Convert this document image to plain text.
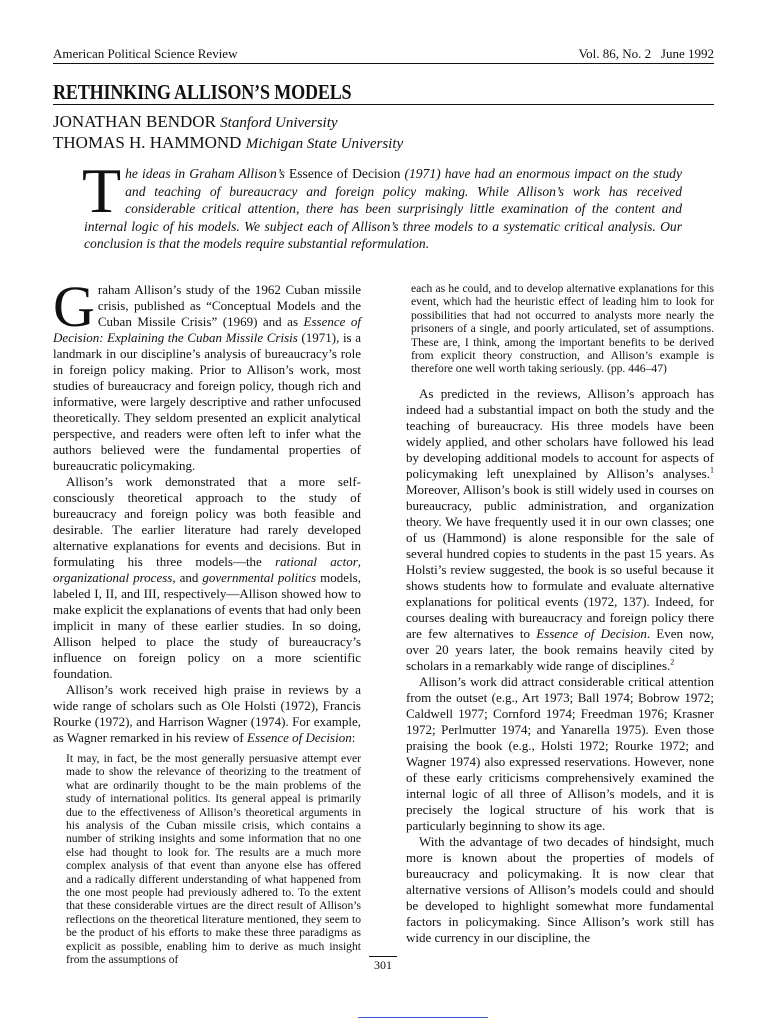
American Political Science Review	Vol. 86, No. 2 June 1992
RETHINKING ALLISON’S MODELS
JONATHAN BENDOR Stanford University
THOMAS H. HAMMOND Michigan State University
The ideas in Graham Allison’s Essence of Decision (1971) have had an enormous impact on the study and teaching of bureaucracy and foreign policy making. While Allison’s work has received considerable critical attention, there has been surprisingly little examination of the content and internal logic of his models. We subject each of Allison’s three models to a systematic critical analysis. Our conclusion is that the models require substantial reformulation.

Graham Allison’s study of the 1962 Cuban missile crisis, published as “Conceptual Models and the Cuban Missile Crisis” (1969) and as Essence of Decision: Explaining the Cuban Missile Crisis (1971), is a landmark in our discipline’s analysis of bureaucracy’s role in foreign policy making. Prior to Allison’s work, most studies of bureaucracy and foreign policy, though rich and informative, were largely descriptive and rather unfocused theoretically. They seldom presented an explicit analytical perspective, and readers were often left to infer what the authors believed were the fundamental properties of bureaucratic policymaking.

Allison’s work demonstrated that a more self-consciously theoretical approach to the study of bureaucracy and foreign policy was both feasible and desirable. The earlier literature had rarely developed alternative explanations for events and decisions. But in formulating his three models—the rational actor, organizational process, and governmental politics models, labeled I, II, and III, respectively—Allison showed how to make explicit the explanations of events that had only been implicit in many of these earlier studies. In so doing, Allison helped to place the study of bureaucracy’s influence on foreign policy on a more scientific foundation.

Allison’s work received high praise in reviews by a wide range of scholars such as Ole Holsti (1972), Francis Rourke (1972), and Harrison Wagner (1974). For example, as Wagner remarked in his review of Essence of Decision:

It may, in fact, be the most generally persuasive attempt ever made to show the relevance of theorizing to the treatment of what are ordinarily thought to be the main problems of the study of international politics. Its general appeal is primarily due to the effectiveness of Allison’s theoretical arguments in his analysis of the Cuban missile crisis, which contains a number of striking insights and some information that no one else had thought to look for. The results are a much more complex analysis of that event than anyone else has offered and a radically different understanding of what happened from the one most people had previously adhered to. To the extent that these considerable virtues are the direct result of Allison’s reflections on the theoretical literature mentioned, they seem to be the product of his efforts to make these three paradigms as explicit as possible, enabling him to derive as much insight from the assumptions of

each as he could, and to develop alternative explanations for this event, which had the heuristic effect of leading him to look for possibilities that had not occurred to analysts more nearly the prisoners of a single, and poorly articulated, set of assumptions. These are, I think, among the important benefits to be derived from explicit theory construction, and Allison’s example is therefore one well worth taking seriously. (pp. 446–47)

As predicted in the reviews, Allison’s approach has indeed had a substantial impact on both the study and the teaching of bureaucracy. His three models have been widely applied, and other scholars have followed his lead by developing additional models to account for aspects of policymaking left unexplained by Allison’s analyses.$^1$ Moreover, Allison’s book is still widely used in courses on bureaucracy, public administration, and organization theory. We have frequently used it in our own classes; one of us (Hammond) is alone responsible for the sale of several hundred copies to students in the past 15 years. As Holsti’s review suggested, the book is so useful because it shows students how to formulate and evaluate alternative explanations for political events (1972, 137). Indeed, for courses dealing with bureaucracy and foreign policy there are few alternatives to Essence of Decision. Even now, over 20 years later, the book remains heavily cited by scholars in a remarkably wide range of disciplines.$^2$

Allison’s work did attract considerable critical attention from the outset (e.g., Art 1973; Ball 1974; Bobrow 1972; Caldwell 1977; Cornford 1974; Freedman 1976; Krasner 1972; Perlmutter 1974; and Yanarella 1975). Even those praising the book (e.g., Holsti 1972; Rourke 1972; and Wagner 1974) also expressed reservations. However, none of these early criticisms comprehensively examined the internal logic of all three of Allison’s models, and it is precisely the logical structure of his work that is particularly beginning to show its age.

With the advantage of two decades of hindsight, much more is known about the properties of models of bureaucracy and policymaking. It is now clear that alternative versions of Allison’s models could and should be developed to highlight somewhat more fundamental factors in policymaking. Since Allison’s work still has wide currency in our discipline, the

301
